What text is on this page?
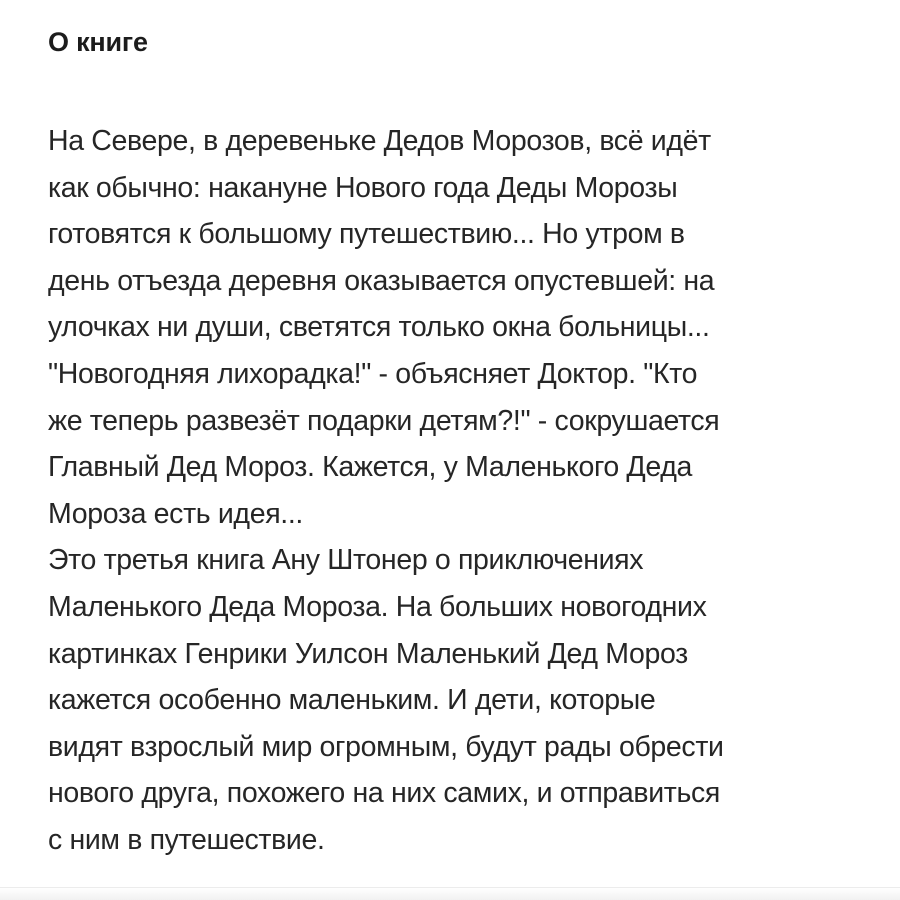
О книге
На Севере, в деревеньке Дедов Морозов, всё идёт
как обычно: накануне Нового года Деды Морозы
готовятся к большому путешествию... Но утром в
день отъезда деревня оказывается опустевшей: на
улочках ни души, светятся только окна больницы...
"Новогодняя лихорадка!" - объясняет Доктор. "Кто
же теперь развезёт подарки детям?!" - сокрушается
Главный Дед Мороз. Кажется, у Маленького Деда
Мороза есть идея...
Это третья книга Ану Штонер о приключениях
Маленького Деда Мороза. На больших новогодних
картинках Генрики Уилсон Маленький Дед Мороз
кажется особенно маленьким. И дети, которые
видят взрослый мир огромным, будут рады обрести
нового друга, похожего на них самих, и отправиться
с ним в путешествие.
